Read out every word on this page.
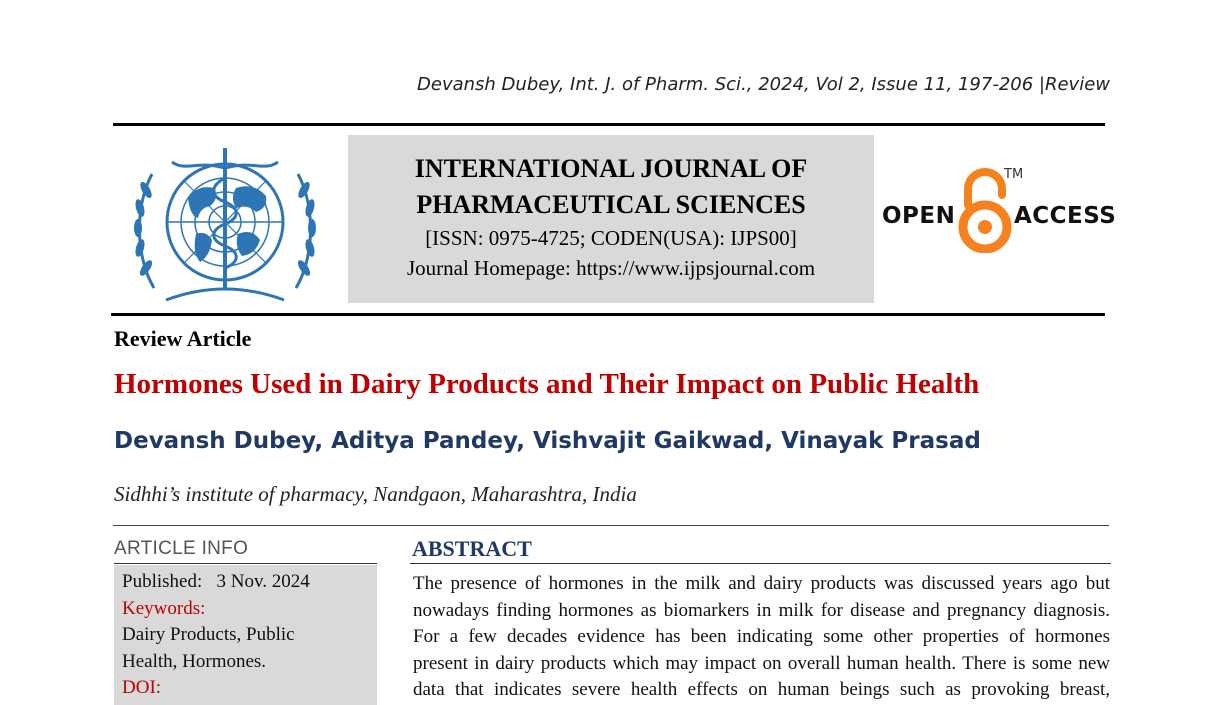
Devansh Dubey, Int. J. of Pharm. Sci., 2024, Vol 2, Issue 11, 197-206 |Review
INTERNATIONAL JOURNAL OF
PHARMACEUTICAL SCIENCES
[ISSN: 0975-4725; CODEN(USA): IJPS00]
Journal Homepage: https://www.ijpsjournal.com
OPEN
TM
ACCESS
Review Article
Hormones Used in Dairy Products and Their Impact on Public Health
Devansh Dubey, Aditya Pandey, Vishvajit Gaikwad, Vinayak Prasad
Sidhhi’s institute of pharmacy, Nandgaon, Maharashtra, India
ARTICLE INFO
Published: 3 Nov. 2024
Keywords:
Dairy Products, Public
Health, Hormones.
DOI:
ABSTRACT
The presence of hormones in the milk and dairy products was discussed years ago but
nowadays finding hormones as biomarkers in milk for disease and pregnancy diagnosis.
For a few decades evidence has been indicating some other properties of hormones
present in dairy products which may impact on overall human health. There is some new
data that indicates severe health effects on human beings such as provoking breast,
